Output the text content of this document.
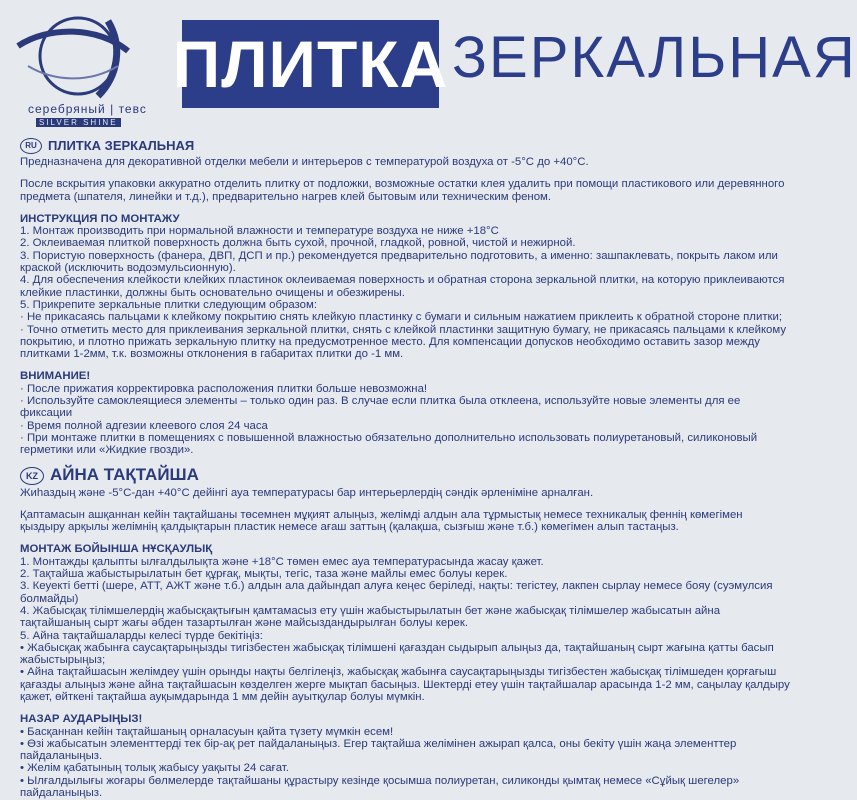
серебряный | тевс
SILVER SHINE
ПЛИТКА ЗЕРКАЛЬНАЯ
RU ПЛИТКА ЗЕРКАЛЬНАЯ

Предназначена для декоративной отделки мебели и интерьеров с температурой воздуха от -5°С до +40°С.

После вскрытия упаковки аккуратно отделить плитку от подложки, возможные остатки клея удалить при помощи пластикового или деревянного предмета (шпателя, линейки и т.д.), предварительно нагрев клей бытовым или техническим феном.

ИНСТРУКЦИЯ ПО МОНТАЖУ
1. Монтаж производить при нормальной влажности и температуре воздуха не ниже +18°С
2. Оклеиваемая плиткой поверхность должна быть сухой, прочной, гладкой, ровной, чистой и нежирной.
3. Пористую поверхность (фанера, ДВП, ДСП и пр.) рекомендуется предварительно подготовить, а именно: зашпаклевать, покрыть лаком или краской (исключить водоэмульсионную).
4. Для обеспечения клейкости клейких пластинок оклеиваемая поверхность и обратная сторона зеркальной плитки, на которую приклеиваются клейкие пластинки, должны быть основательно очищены и обезжирены.
5. Прикрепите зеркальные плитки следующим образом:
· Не прикасаясь пальцами к клейкому покрытию снять клейкую пластинку с бумаги и сильным нажатием приклеить к обратной стороне плитки;
· Точно отметить место для приклеивания зеркальной плитки, снять с клейкой пластинки защитную бумагу, не прикасаясь пальцами к клейкому покрытию, и плотно прижать зеркальную плитку на предусмотренное место. Для компенсации допусков необходимо оставить зазор между плитками 1-2мм, т.к. возможны отклонения в габаритах плитки до -1 мм.
ВНИМАНИЕ!
· После прижатия корректировка расположения плитки больше невозможна!
· Используйте самоклеящиеся элементы – только один раз. В случае если плитка была отклеена, используйте новые элементы для ее фиксации
· Время полной адгезии клеевого слоя 24 часа
· При монтаже плитки в помещениях с повышенной влажностью обязательно дополнительно использовать полиуретановый, силиконовый герметики или «Жидкие гвозди».
KZ АЙНА ТАҚТАЙША

Жиһаздың және -5°С-дан +40°С дейінгі ауа температурасы бар интерьерлердің сәндік әрленіміне арналған.

Қаптамасын ашқаннан кейін тақтайшаны төсемнен мұқият алыңыз, желімді алдын ала тұрмыстық немесе техникалық феннің көмегімен қыздыру арқылы желімнің қалдықтарын пластик немесе ағаш заттың (қалақша, сызғыш және т.б.) көмегімен алып тастаңыз.

МОНТАЖ БОЙЫНША НҰСҚАУЛЫҚ
1. Монтажды қалыпты ылғалдылықта және +18°С төмен емес ауа температурасында жасау қажет.
2. Тақтайша жабыстырылатын бет құрғақ, мықты, тегіс, таза және майлы емес болуы керек.
3. Кеуекті бетті (шере, АТТ, АЖТ және т.б.) алдын ала дайындап алуға кеңес беріледі, нақты: тегістеу, лакпен сырлау немесе бояу (суэмулсия болмайды)
4. Жабысқақ тілімшелердің жабысқақтығын қамтамасыз ету үшін жабыстырылатын бет және жабысқақ тілімшелер жабысатын айна тақтайшаның сырт жағы әбден тазартылған және майсыздандырылған болуы керек.
5. Айна тақтайшаларды келесі түрде бекітіңіз:
• Жабысқақ жабынға саусақтарыңызды тигізбестен жабысқақ тілімшені қағаздан сыдырып алыңыз да, тақтайшаның сырт жағына қатты басып жабыстырыңыз;
• Айна тақтайшасын желімдеу үшін орынды нақты белгілеңіз, жабысқақ жабынға саусақтарыңызды тигізбестен жабысқақ тілімшеден қорғағыш қағазды алыңыз және айна тақтайшасын көзделген жерге мықтап басыңыз. Шектерді етеу үшін тақтайшалар арасында 1-2 мм, саңылау қалдыру қажет, өйткені тақтайша ауқымдарында 1 мм дейін ауытқулар болуы мүмкін.
НАЗАР АУДАРЫҢЫЗ!
• Басқаннан кейін тақтайшаның орналасуын қайта түзету мүмкін есем!
• Өзі жабысатын элементтерді тек бір-ақ рет пайдаланыңыз. Егер тақтайша желімінен ажырап қалса, оны бекіту үшін жаңа элементтер пайдаланыңыз.
• Желім қабатының толық жабысу уақыты 24 сағат.
• Ылғалдылығы жоғары бөлмелерде тақтайшаны құрастыру кезінде қосымша полиуретан, силиконды қымтақ немесе «Сұйық шегелер» пайдаланыңыз.
